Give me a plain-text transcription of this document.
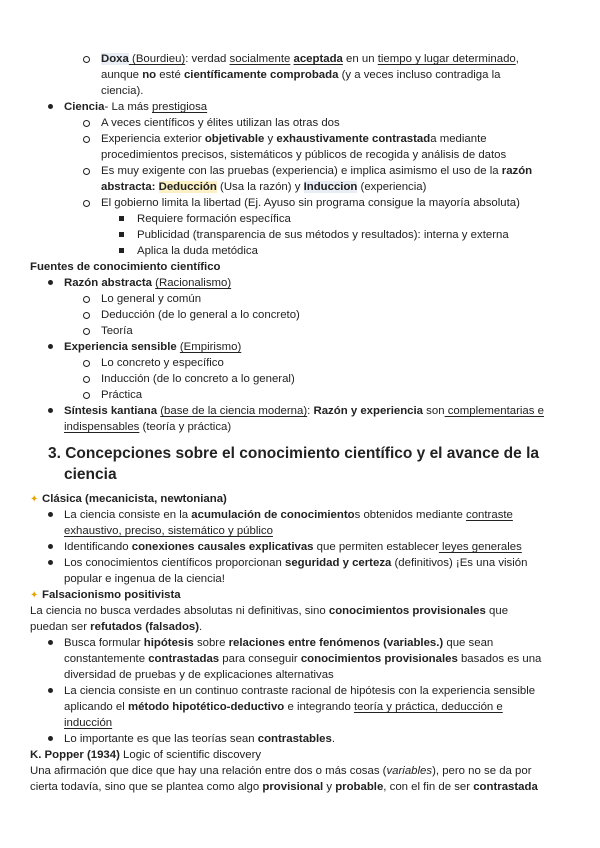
Doxa (Bourdieu): verdad socialmente aceptada en un tiempo y lugar determinado,
aunque no esté científicamente comprobada (y a veces incluso contradiga la
ciencia).
Ciencia- La más prestigiosa
A veces científicos y élites utilizan las otras dos
Experiencia exterior objetivable y exhaustivamente contrastada mediante
procedimientos precisos, sistemáticos y públicos de recogida y análisis de datos
Es muy exigente con las pruebas (experiencia) e implica asimismo el uso de la razón
abstracta: Deducción (Usa la razón) y Induccion (experiencia)
El gobierno limita la libertad (Ej. Ayuso sin programa consigue la mayoría absoluta)
Requiere formación específica
Publicidad (transparencia de sus métodos y resultados): interna y externa
Aplica la duda metódica
Fuentes de conocimiento científico
Razón abstracta (Racionalismo)
Lo general y común
Deducción (de lo general a lo concreto)
Teoría
Experiencia sensible (Empirismo)
Lo concreto y específico
Inducción (de lo concreto a lo general)
Práctica
Síntesis kantiana (base de la ciencia moderna): Razón y experiencia son complementarias e
indispensables (teoría y práctica)
3. Concepciones sobre el conocimiento científico y el avance de la
ciencia
✦ Clásica (mecanicista, newtoniana)
La ciencia consiste en la acumulación de conocimientos obtenidos mediante contraste
exhaustivo, preciso, sistemático y público
Identificando conexiones causales explicativas que permiten establecer leyes generales
Los conocimientos científicos proporcionan seguridad y certeza (definitivos) ¡Es una visión
popular e ingenua de la ciencia!
✦ Falsacionismo positivista
La ciencia no busca verdades absolutas ni definitivas, sino conocimientos provisionales que
puedan ser refutados (falsados).
Busca formular hipótesis sobre relaciones entre fenómenos (variables.) que sean
constantemente contrastadas para conseguir conocimientos provisionales basados es una
diversidad de pruebas y de explicaciones alternativas
La ciencia consiste en un continuo contraste racional de hipótesis con la experiencia sensible
aplicando el método hipotético-deductivo e integrando teoría y práctica, deducción e
inducción
Lo importante es que las teorías sean contrastables.
K. Popper (1934) Logic of scientific discovery
Una afirmación que dice que hay una relación entre dos o más cosas (variables), pero no se da por
cierta todavía, sino que se plantea como algo provisional y probable, con el fin de ser contrastada
